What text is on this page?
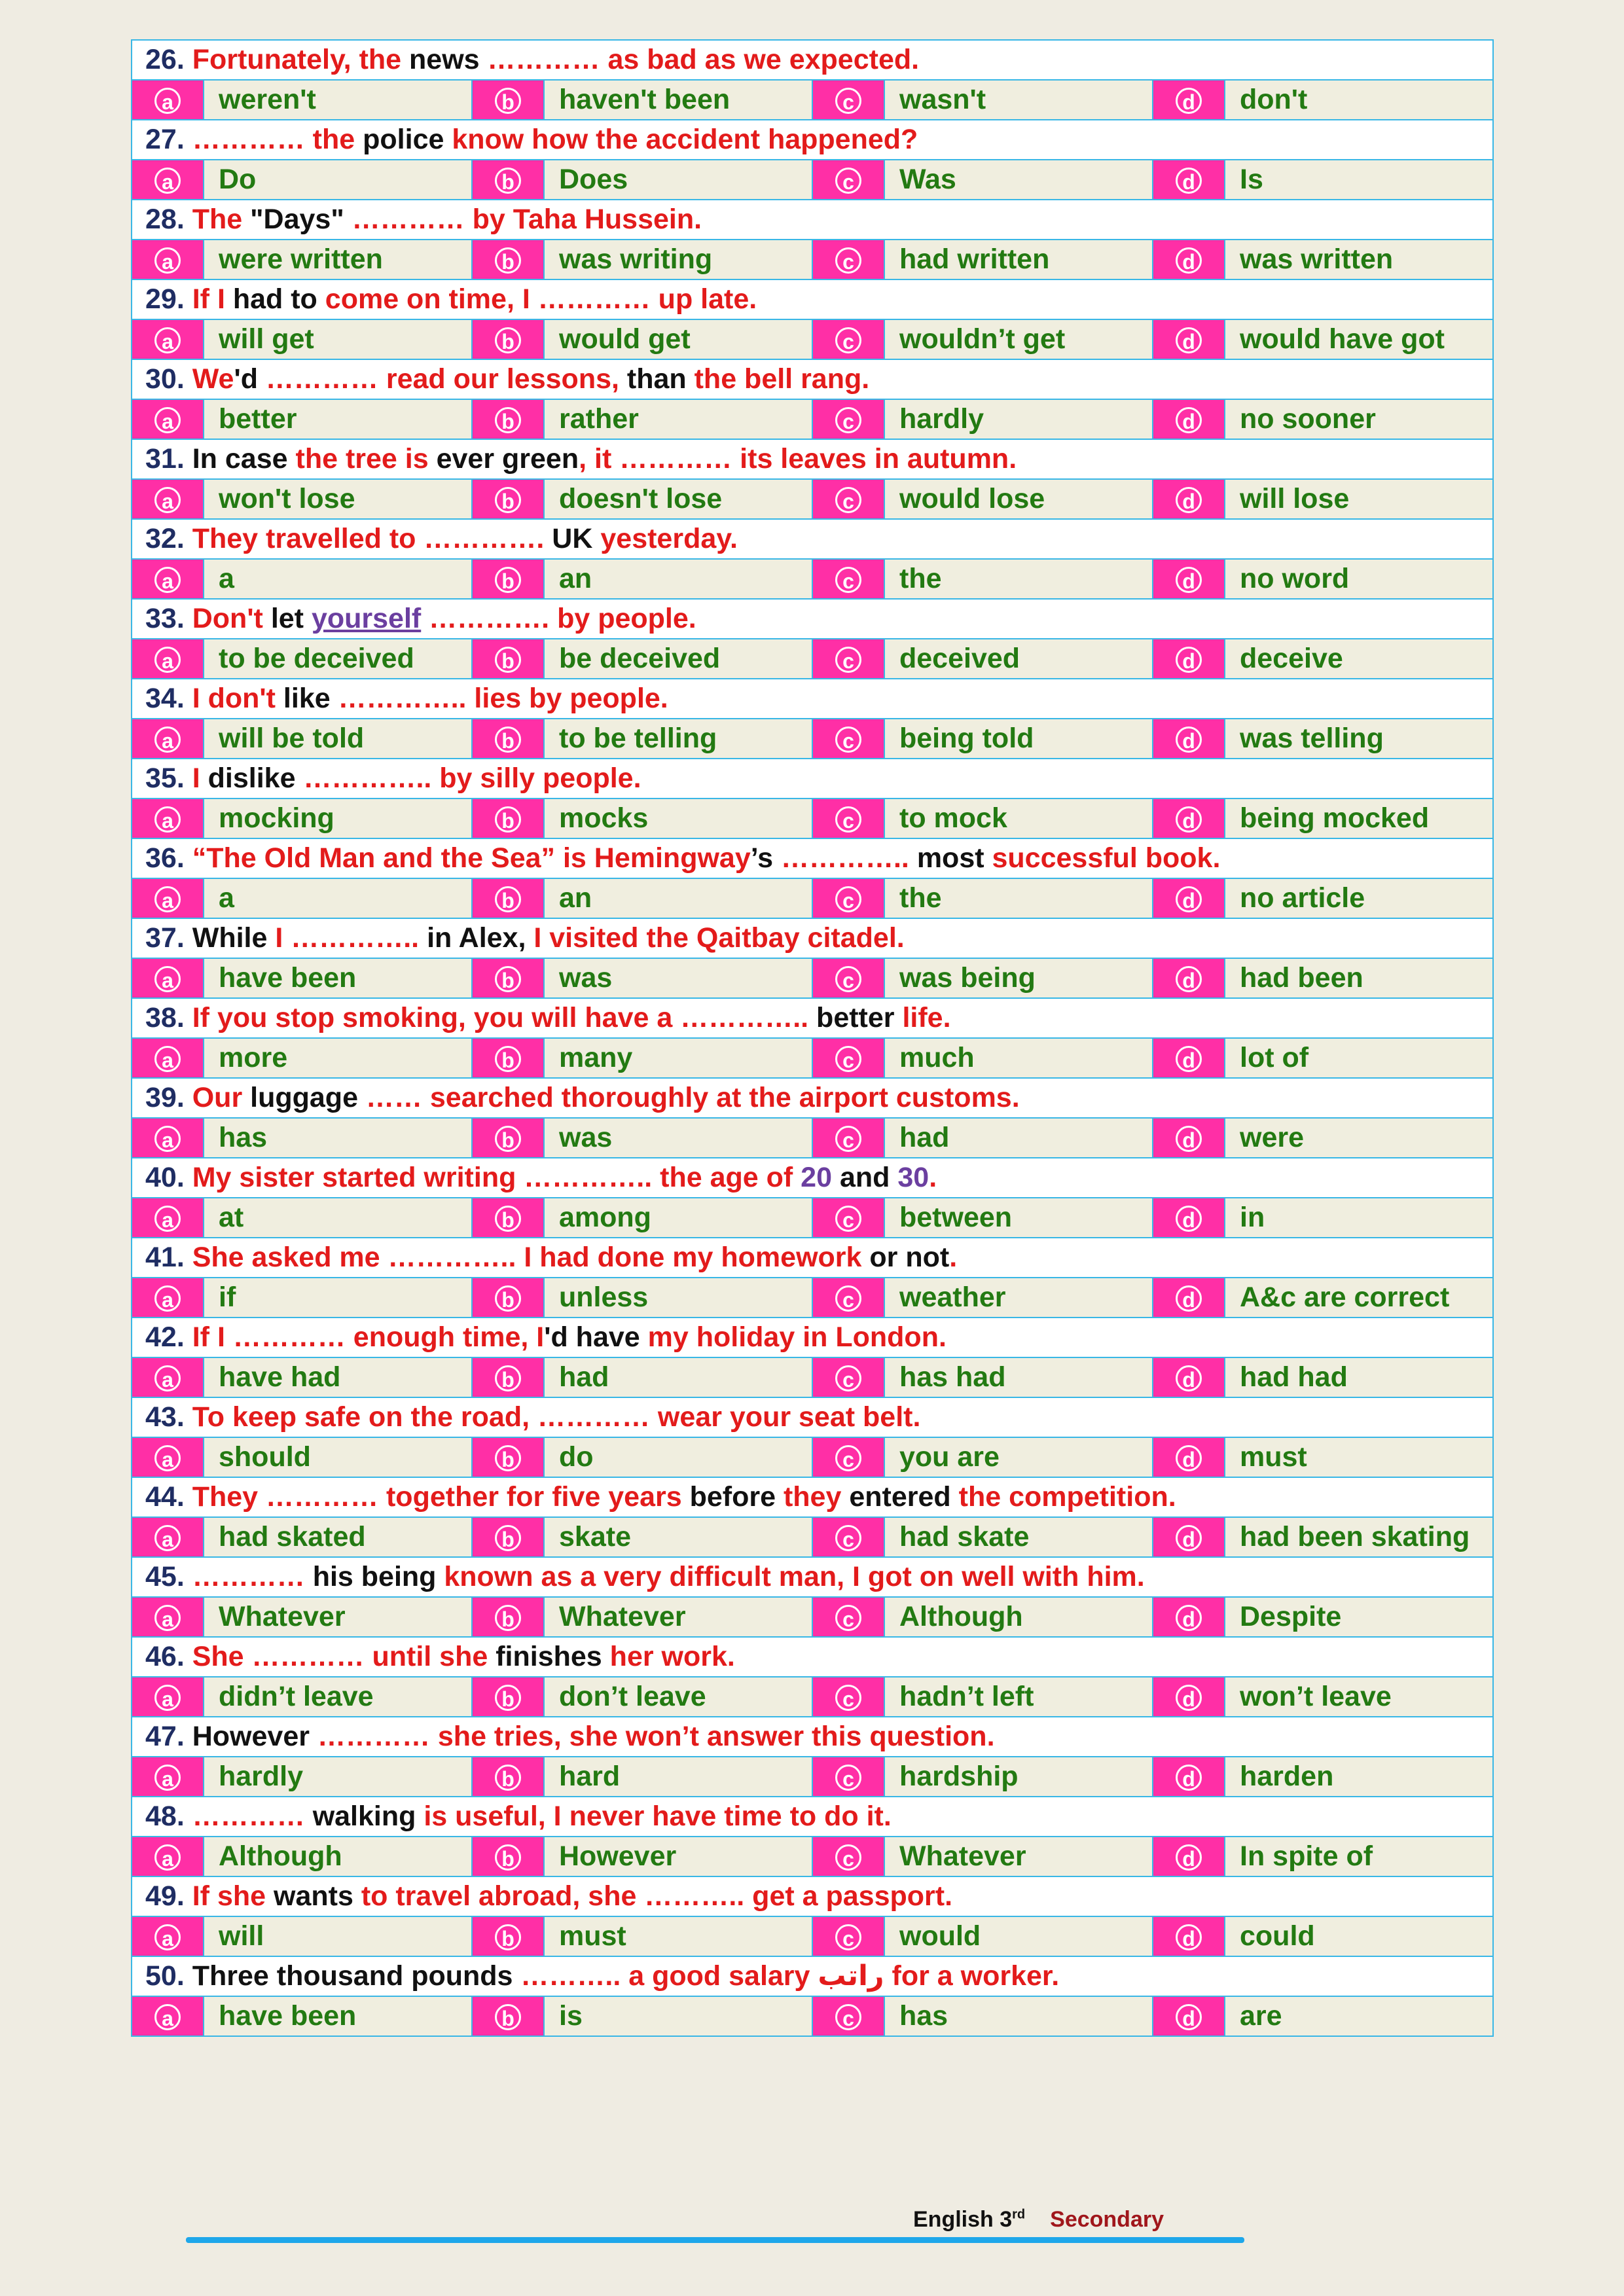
26. Fortunately, the news ………… as bad as we expected.							
a	weren't	b	haven't been	c	wasn't	d	don't
27. ………… the police know how the accident happened?							
a	Do	b	Does	c	Was	d	Is
28. The "Days" ………… by Taha Hussein.							
a	were written	b	was writing	c	had written	d	was written
29. If I had to come on time, I ………… up late.							
a	will get	b	would get	c	wouldn’t get	d	would have got
30. We'd ………… read our lessons, than the bell rang.							
a	better	b	rather	c	hardly	d	no sooner
31. In case the tree is ever green, it ………… its leaves in autumn.							
a	won't lose	b	doesn't lose	c	would lose	d	will lose
32. They travelled to …………. UK yesterday.							
a	a	b	an	c	the	d	no word
33. Don't let yourself …………. by people.							
a	to be deceived	b	be deceived	c	deceived	d	deceive
34. I don't like ………….. lies by people.							
a	will be told	b	to be telling	c	being told	d	was telling
35. I dislike ………….. by silly people.							
a	mocking	b	mocks	c	to mock	d	being mocked
36. “The Old Man and the Sea” is Hemingway’s ………….. most successful book.							
a	a	b	an	c	the	d	no article
37. While I ………….. in Alex, I visited the Qaitbay citadel.							
a	have been	b	was	c	was being	d	had been
38. If you stop smoking, you will have a ………….. better life.							
a	more	b	many	c	much	d	lot of
39. Our luggage …… searched thoroughly at the airport customs.							
a	has	b	was	c	had	d	were
40. My sister started writing ………….. the age of 20 and 30.							
a	at	b	among	c	between	d	in
41. She asked me ………….. I had done my homework or not.							
a	if	b	unless	c	weather	d	A&c are correct
42. If I ………… enough time, I'd have my holiday in London.							
a	have had	b	had	c	has had	d	had had
43. To keep safe on the road, ………… wear your seat belt.							
a	should	b	do	c	you are	d	must
44. They ………… together for five years before they entered the competition.							
a	had skated	b	skate	c	had skate	d	had been skating
45. ………… his being known as a very difficult man, I got on well with him.							
a	Whatever	b	Whatever	c	Although	d	Despite
46. She ………… until she finishes her work.							
a	didn’t leave	b	don’t leave	c	hadn’t left	d	won’t leave
47. However ………… she tries, she won’t answer this question.							
a	hardly	b	hard	c	hardship	d	harden
48. ………… walking is useful, I never have time to do it.							
a	Although	b	However	c	Whatever	d	In spite of
49. If she wants to travel abroad, she ……….. get a passport.							
a	will	b	must	c	would	d	could
50. Three thousand pounds ……….. a good salary راتب for a worker.							
a	have been	b	is	c	has	d	are
English 3rd Secondary
